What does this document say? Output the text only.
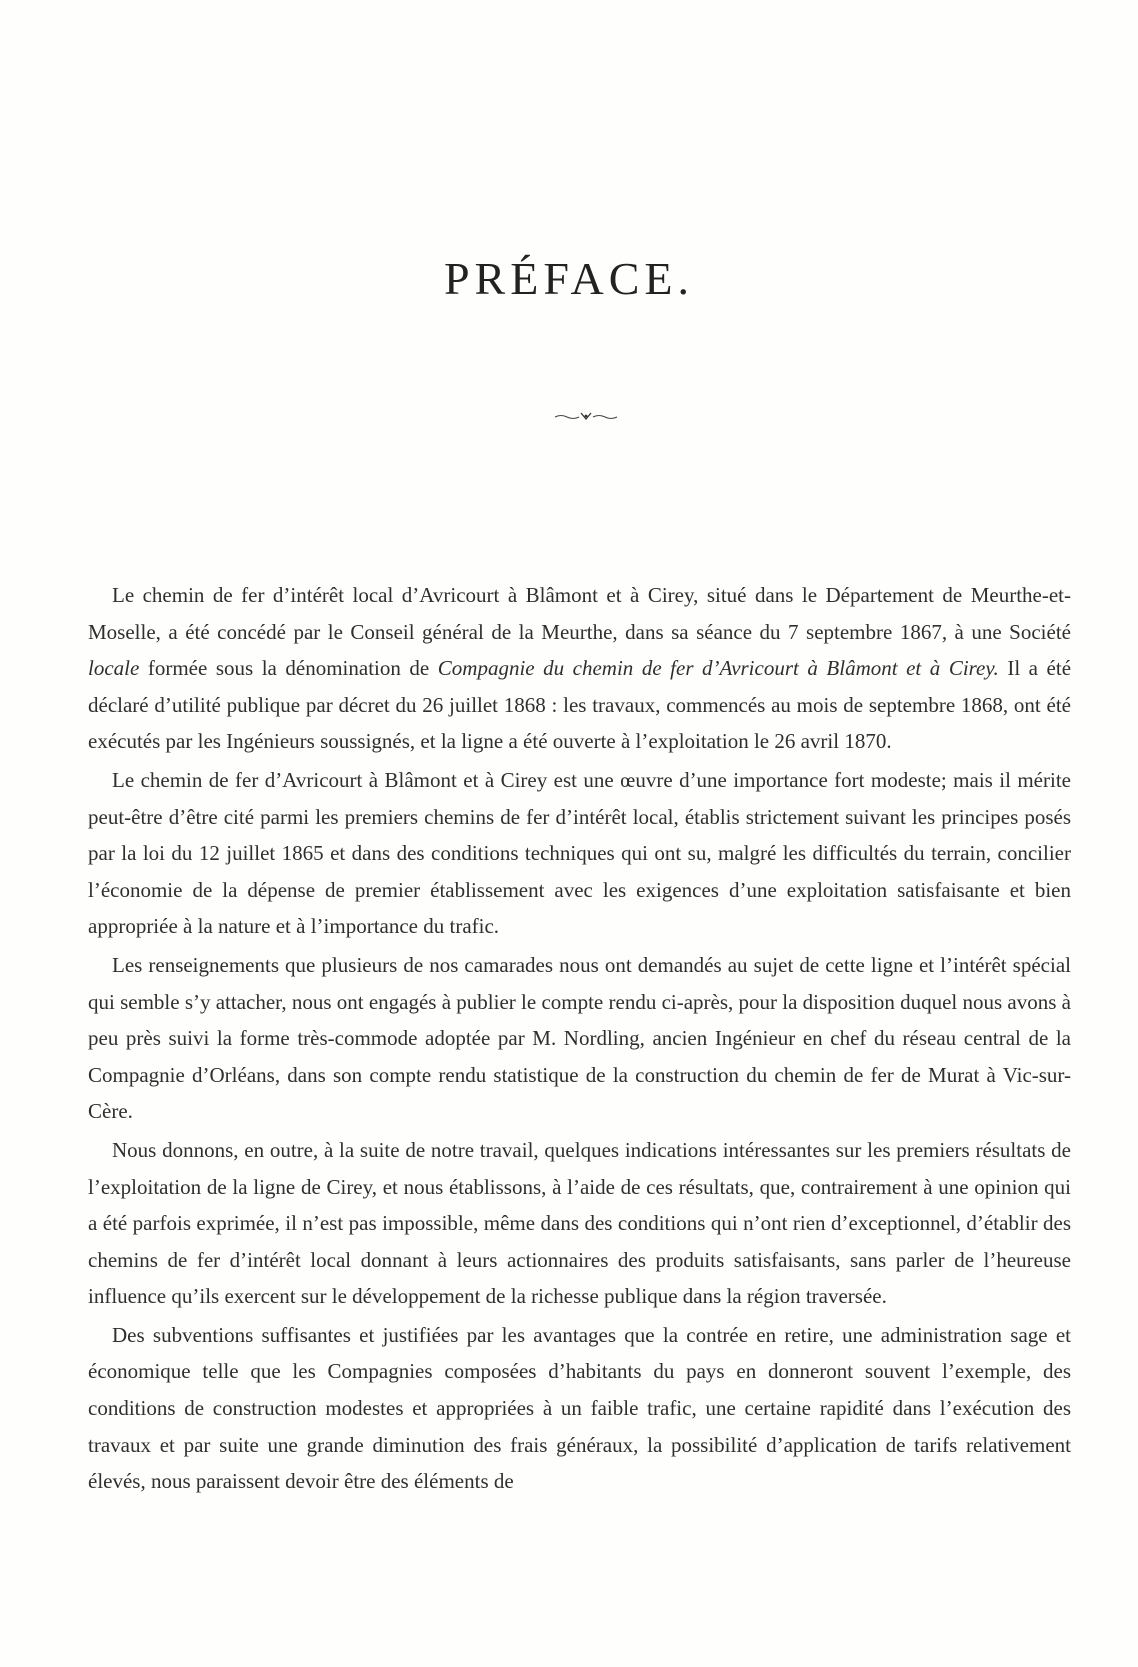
PRÉFACE.

Le chemin de fer d’intérêt local d’Avricourt à Blâmont et à Cirey, situé dans le Département de Meurthe-et-Moselle, a été concédé par le Conseil général de la Meurthe, dans sa séance du 7 septembre 1867, à une Société locale formée sous la dénomination de Compagnie du chemin de fer d’Avricourt à Blâmont et à Cirey. Il a été déclaré d’utilité publique par décret du 26 juillet 1868 : les travaux, commencés au mois de septembre 1868, ont été exécutés par les Ingénieurs soussignés, et la ligne a été ouverte à l’exploitation le 26 avril 1870.

Le chemin de fer d’Avricourt à Blâmont et à Cirey est une œuvre d’une importance fort modeste; mais il mérite peut-être d’être cité parmi les premiers chemins de fer d’intérêt local, établis strictement suivant les principes posés par la loi du 12 juillet 1865 et dans des conditions techniques qui ont su, malgré les difficultés du terrain, concilier l’économie de la dépense de premier établissement avec les exigences d’une exploitation satisfaisante et bien appropriée à la nature et à l’importance du trafic.

Les renseignements que plusieurs de nos camarades nous ont demandés au sujet de cette ligne et l’intérêt spécial qui semble s’y attacher, nous ont engagés à publier le compte rendu ci-après, pour la disposition duquel nous avons à peu près suivi la forme très-commode adoptée par M. Nordling, ancien Ingénieur en chef du réseau central de la Compagnie d’Orléans, dans son compte rendu statistique de la construction du chemin de fer de Murat à Vic-sur-Cère.

Nous donnons, en outre, à la suite de notre travail, quelques indications intéressantes sur les premiers résultats de l’exploitation de la ligne de Cirey, et nous établissons, à l’aide de ces résultats, que, contrairement à une opinion qui a été parfois exprimée, il n’est pas impossible, même dans des conditions qui n’ont rien d’exceptionnel, d’établir des chemins de fer d’intérêt local donnant à leurs actionnaires des produits satisfaisants, sans parler de l’heureuse influence qu’ils exercent sur le développement de la richesse publique dans la région traversée.

Des subventions suffisantes et justifiées par les avantages que la contrée en retire, une administration sage et économique telle que les Compagnies composées d’habitants du pays en donneront souvent l’exemple, des conditions de construction modestes et appropriées à un faible trafic, une certaine rapidité dans l’exécution des travaux et par suite une grande diminution des frais généraux, la possibilité d’application de tarifs relativement élevés, nous paraissent devoir être des éléments de
